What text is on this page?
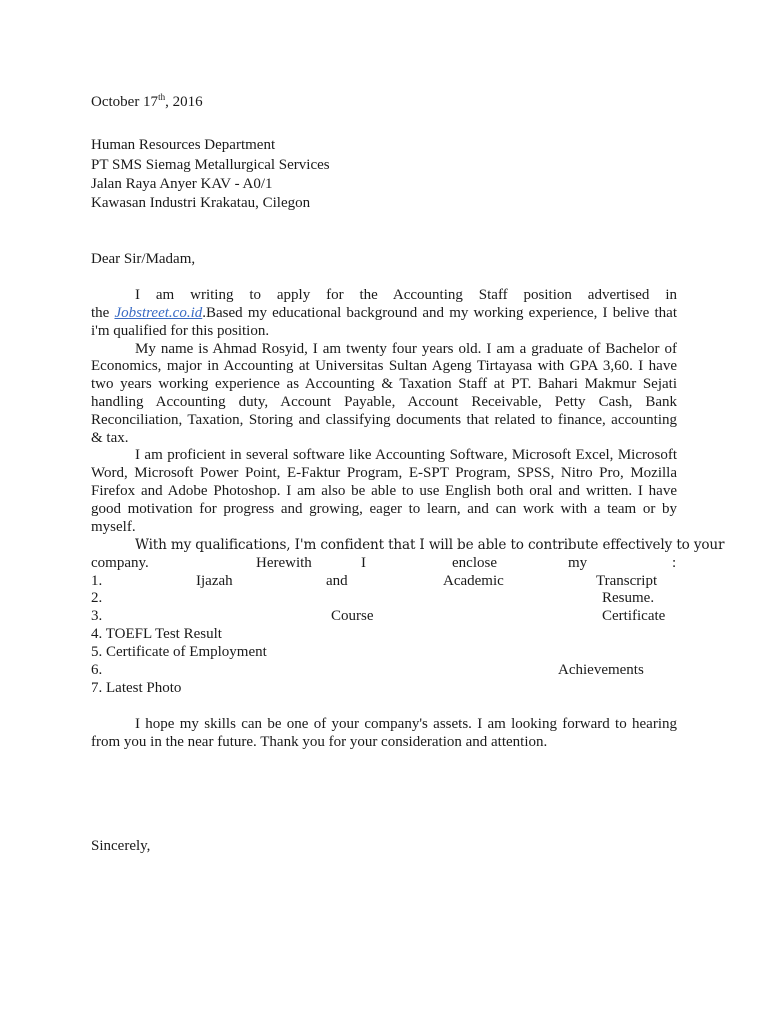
October 17th, 2016
Human Resources Department
PT SMS Siemag Metallurgical Services
Jalan Raya Anyer KAV - A0/1
Kawasan Industri Krakatau, Cilegon
Dear Sir/Madam,
I am writing to apply for the Accounting Staff position advertised in
the Jobstreet.co.id.Based my educational background and my working experience, I belive that
i'm qualified for this position.
My name is Ahmad Rosyid, I am twenty four years old. I am a graduate of Bachelor of
Economics, major in Accounting at Universitas Sultan Ageng Tirtayasa with GPA 3,60. I have
two years working experience as Accounting & Taxation Staff at PT. Bahari Makmur Sejati
handling Accounting duty, Account Payable, Account Receivable, Petty Cash, Bank
Reconciliation, Taxation, Storing and classifying documents that related to finance, accounting
& tax.
I am proficient in several software like Accounting Software, Microsoft Excel, Microsoft
Word, Microsoft Power Point, E-Faktur Program, E-SPT Program, SPSS, Nitro Pro, Mozilla
Firefox and Adobe Photoshop. I am also be able to use English both oral and written. I have
good motivation for progress and growing, eager to learn, and can work with a team or by
myself.
With my qualifications, I'm confident that I will be able to contribute effectively to your
company.	Herewith	I	enclose	my	:
1.	Ijazah	and	Academic	Transcript
2.	Resume.
3.	Course	Certificate
4. TOEFL Test Result
5. Certificate of Employment
6.	Achievements
7. Latest Photo
I hope my skills can be one of your company's assets. I am looking forward to hearing
from you in the near future. Thank you for your consideration and attention.
Sincerely,
